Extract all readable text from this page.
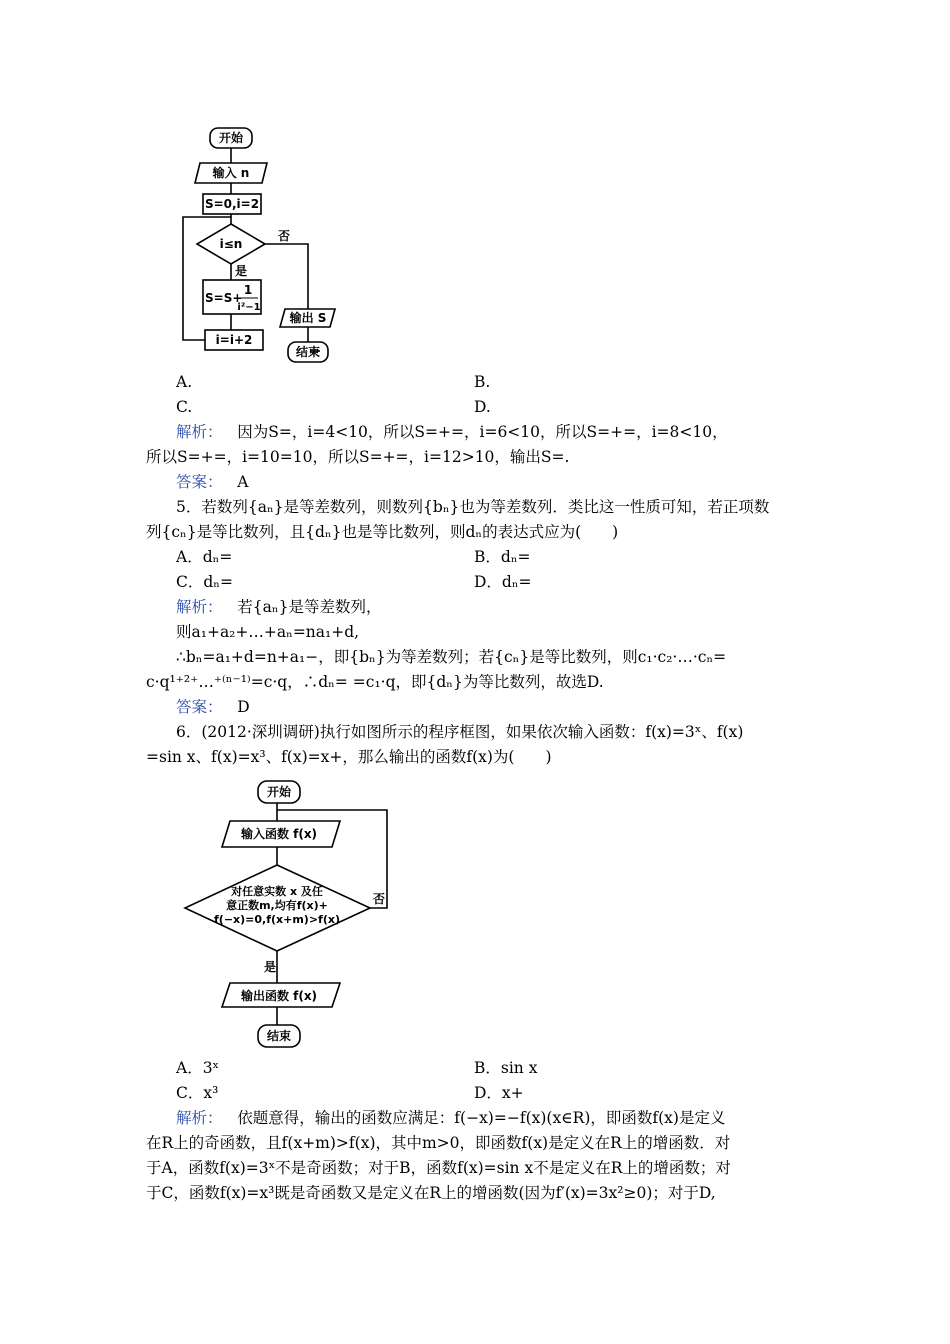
开始
输入 n
S=0,i=2
i≤n
否
是
S=S+
1
i²−1
i=i+2
输出 S
结束
A.	B.
C.	D.
解析： 因为S=，i=4<10，所以S=+=，i=6<10，所以S=+=，i=8<10，
所以S=+=，i=10=10，所以S=+=，i=12>10，输出S=.
答案： A
5．若数列{aₙ}是等差数列，则数列{bₙ}也为等差数列．类比这一性质可知，若正项数
列{cₙ}是等比数列，且{dₙ}也是等比数列，则dₙ的表达式应为(　　)
A．dₙ=	B．dₙ=
C．dₙ=	D．dₙ=
解析： 若{aₙ}是等差数列，
则a₁+a₂+…+aₙ=na₁+d,
∴bₙ=a₁+d=n+a₁−，即{bₙ}为等差数列；若{cₙ}是等比数列，则c₁·c₂·…·cₙ=
c·q¹⁺²⁺…⁺⁽ⁿ⁻¹⁾=c·q，∴dₙ= =c₁·q，即{dₙ}为等比数列，故选D.
答案： D
6．(2012·深圳调研)执行如图所示的程序框图，如果依次输入函数：f(x)=3ˣ、f(x)
=sin x、f(x)=x³、f(x)=x+，那么输出的函数f(x)为(　　)
开始
输入函数 f(x)
对任意实数 x 及任
意正数m,均有f(x)+
f(−x)=0,f(x+m)>f(x)
否
是
输出函数 f(x)
结束
A．3ˣ	B．sin x
C．x³	D．x+
解析： 依题意得，输出的函数应满足：f(−x)=−f(x)(x∈R)，即函数f(x)是定义
在R上的奇函数，且f(x+m)>f(x)，其中m>0，即函数f(x)是定义在R上的增函数．对
于A，函数f(x)=3ˣ不是奇函数；对于B，函数f(x)=sin x不是定义在R上的增函数；对
于C，函数f(x)=x³既是奇函数又是定义在R上的增函数(因为f′(x)=3x²≥0)；对于D,
